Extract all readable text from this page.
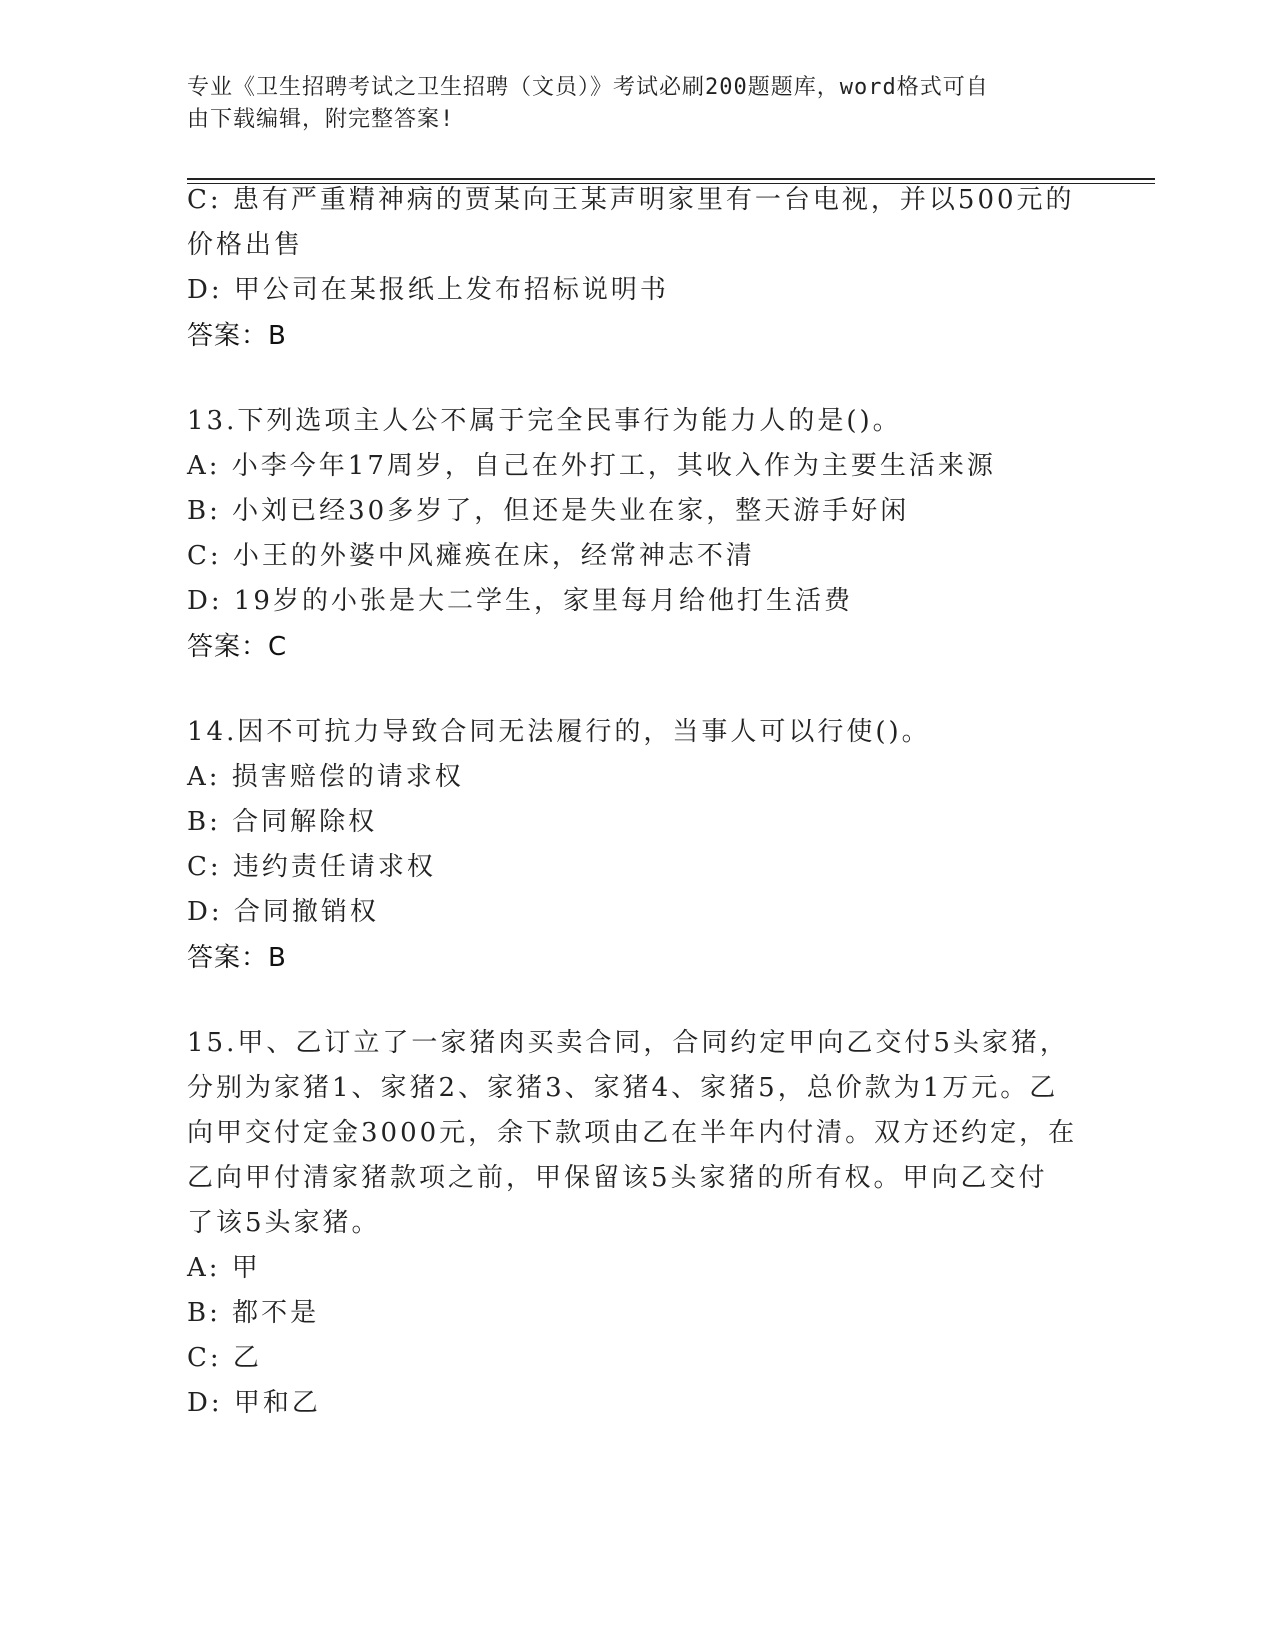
专业《卫生招聘考试之卫生招聘（文员）》考试必刷200题题库，word格式可自
由下载编辑，附完整答案!
C: 患有严重精神病的贾某向王某声明家里有一台电视，并以500元的
价格出售
D: 甲公司在某报纸上发布招标说明书
答案：B
13.下列选项主人公不属于完全民事行为能力人的是()。
A: 小李今年17周岁，自己在外打工，其收入作为主要生活来源
B: 小刘已经30多岁了，但还是失业在家，整天游手好闲
C: 小王的外婆中风瘫痪在床，经常神志不清
D: 19岁的小张是大二学生，家里每月给他打生活费
答案：C
14.因不可抗力导致合同无法履行的，当事人可以行使()。
A: 损害赔偿的请求权
B: 合同解除权
C: 违约责任请求权
D: 合同撤销权
答案：B
15.甲、乙订立了一家猪肉买卖合同，合同约定甲向乙交付5头家猪，
分别为家猪1、家猪2、家猪3、家猪4、家猪5，总价款为1万元。乙
向甲交付定金3000元，余下款项由乙在半年内付清。双方还约定，在
乙向甲付清家猪款项之前，甲保留该5头家猪的所有权。甲向乙交付
了该5头家猪。
A: 甲
B: 都不是
C: 乙
D: 甲和乙
